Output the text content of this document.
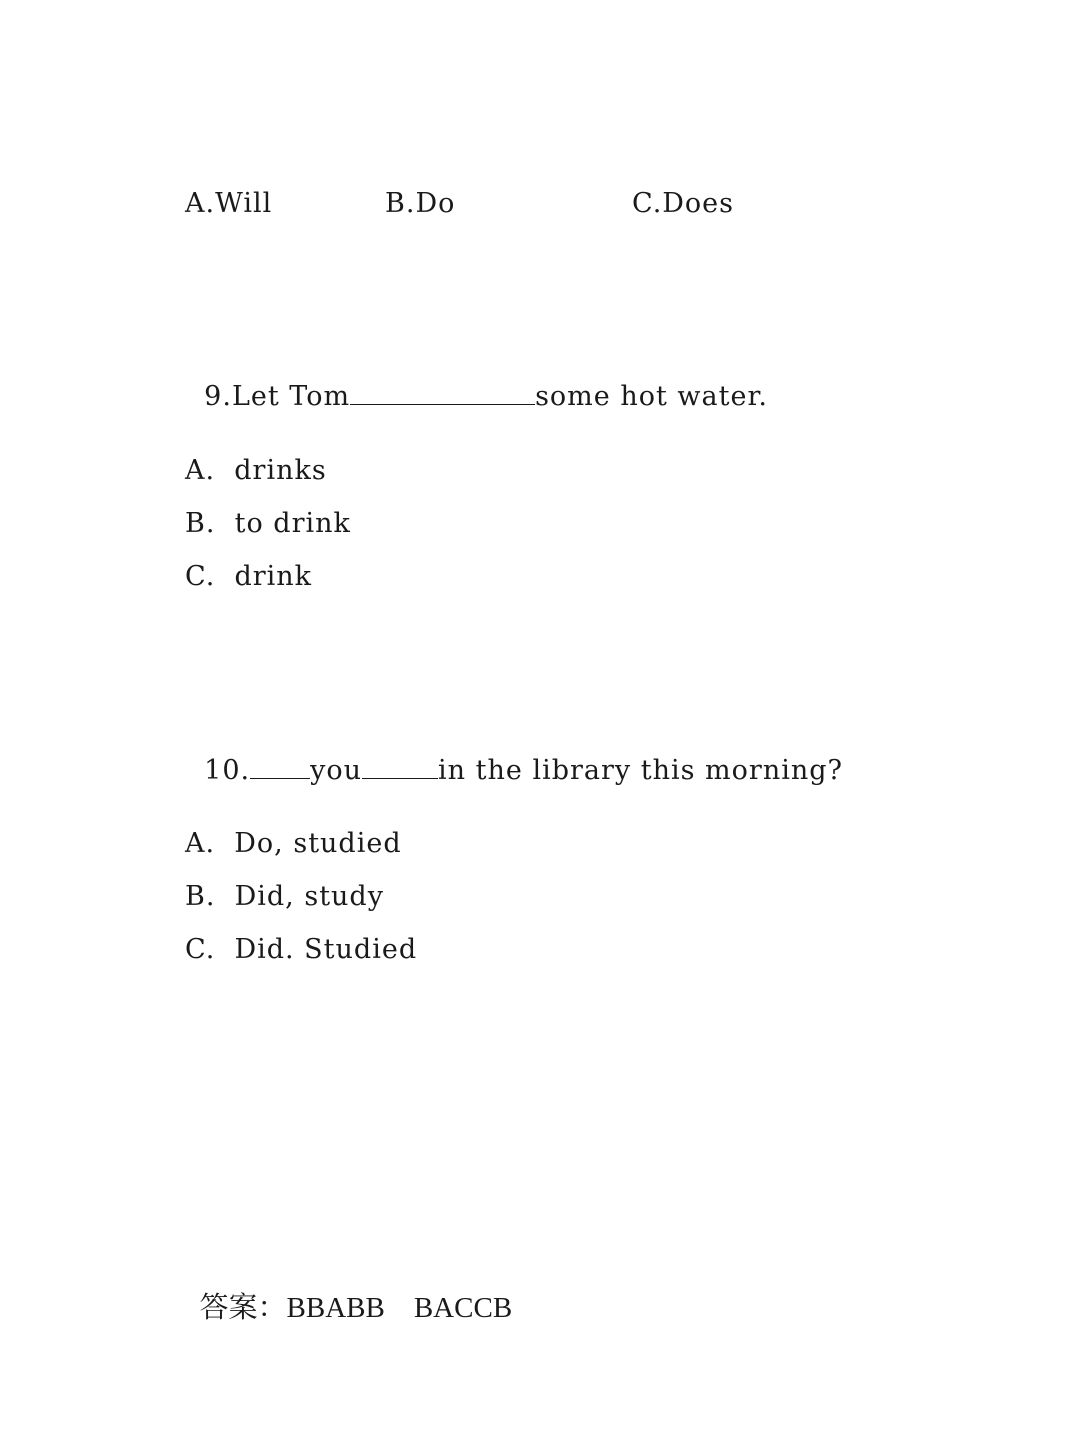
A.Will

	B.Do

	C.Does

9.Let Tom	some hot water.

A. drinks
B. to drink
C. drink

10. you	in the library this morning?

A. Do, studied
B. Did, study
C. Did. Studied

答案：BBABB BACCB
